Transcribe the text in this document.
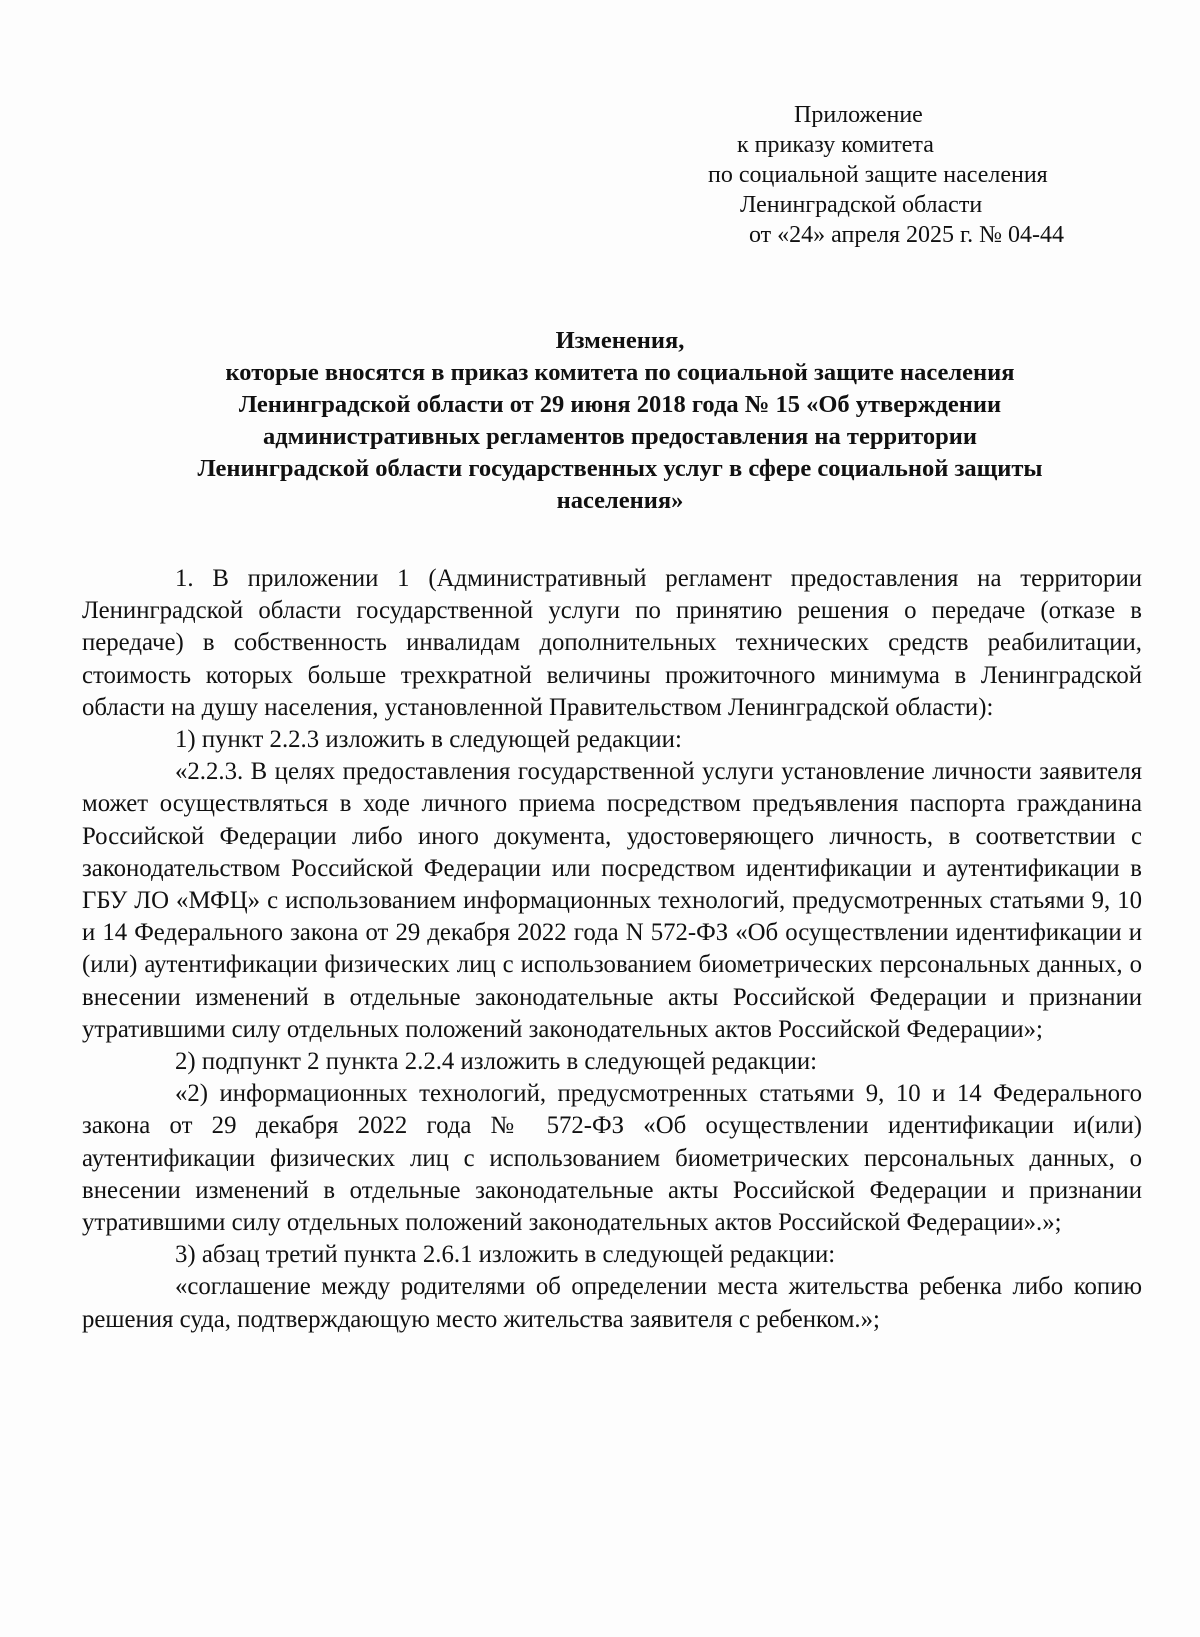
Приложение
к приказу комитета
по социальной защите населения
Ленинградской области
от «24» апреля 2025 г. № 04-44
Изменения,
которые вносятся в приказ комитета по социальной защите населения
Ленинградской области от 29 июня 2018 года № 15 «Об утверждении
административных регламентов предоставления на территории
Ленинградской области государственных услуг в сфере социальной защиты
населения»

1. В приложении 1 (Административный регламент предоставления на территории Ленинградской области государственной услуги по принятию решения о передаче (отказе в передаче) в собственность инвалидам дополнительных технических средств реабилитации, стоимость которых больше трехкратной величины прожиточного минимума в Ленинградской области на душу населения, установленной Правительством Ленинградской области):

1) пункт 2.2.3 изложить в следующей редакции:

«2.2.3. В целях предоставления государственной услуги установление личности заявителя может осуществляться в ходе личного приема посредством предъявления паспорта гражданина Российской Федерации либо иного документа, удостоверяющего личность, в соответствии с законодательством Российской Федерации или посредством идентификации и аутентификации в ГБУ ЛО «МФЦ» с использованием информационных технологий, предусмотренных статьями 9, 10 и 14 Федерального закона от 29 декабря 2022 года N 572-ФЗ «Об осуществлении идентификации и (или) аутентификации физических лиц с использованием биометрических персональных данных, о внесении изменений в отдельные законодательные акты Российской Федерации и признании утратившими силу отдельных положений законодательных актов Российской Федерации»;

2) подпункт 2 пункта 2.2.4 изложить в следующей редакции:

«2) информационных технологий, предусмотренных статьями 9, 10 и 14 Федерального закона от 29 декабря 2022 года № 572-ФЗ «Об осуществлении идентификации и(или) аутентификации физических лиц с использованием биометрических персональных данных, о внесении изменений в отдельные законодательные акты Российской Федерации и признании утратившими силу отдельных положений законодательных актов Российской Федерации».»;

3) абзац третий пункта 2.6.1 изложить в следующей редакции:

«соглашение между родителями об определении места жительства ребенка либо копию решения суда, подтверждающую место жительства заявителя с ребенком.»;
